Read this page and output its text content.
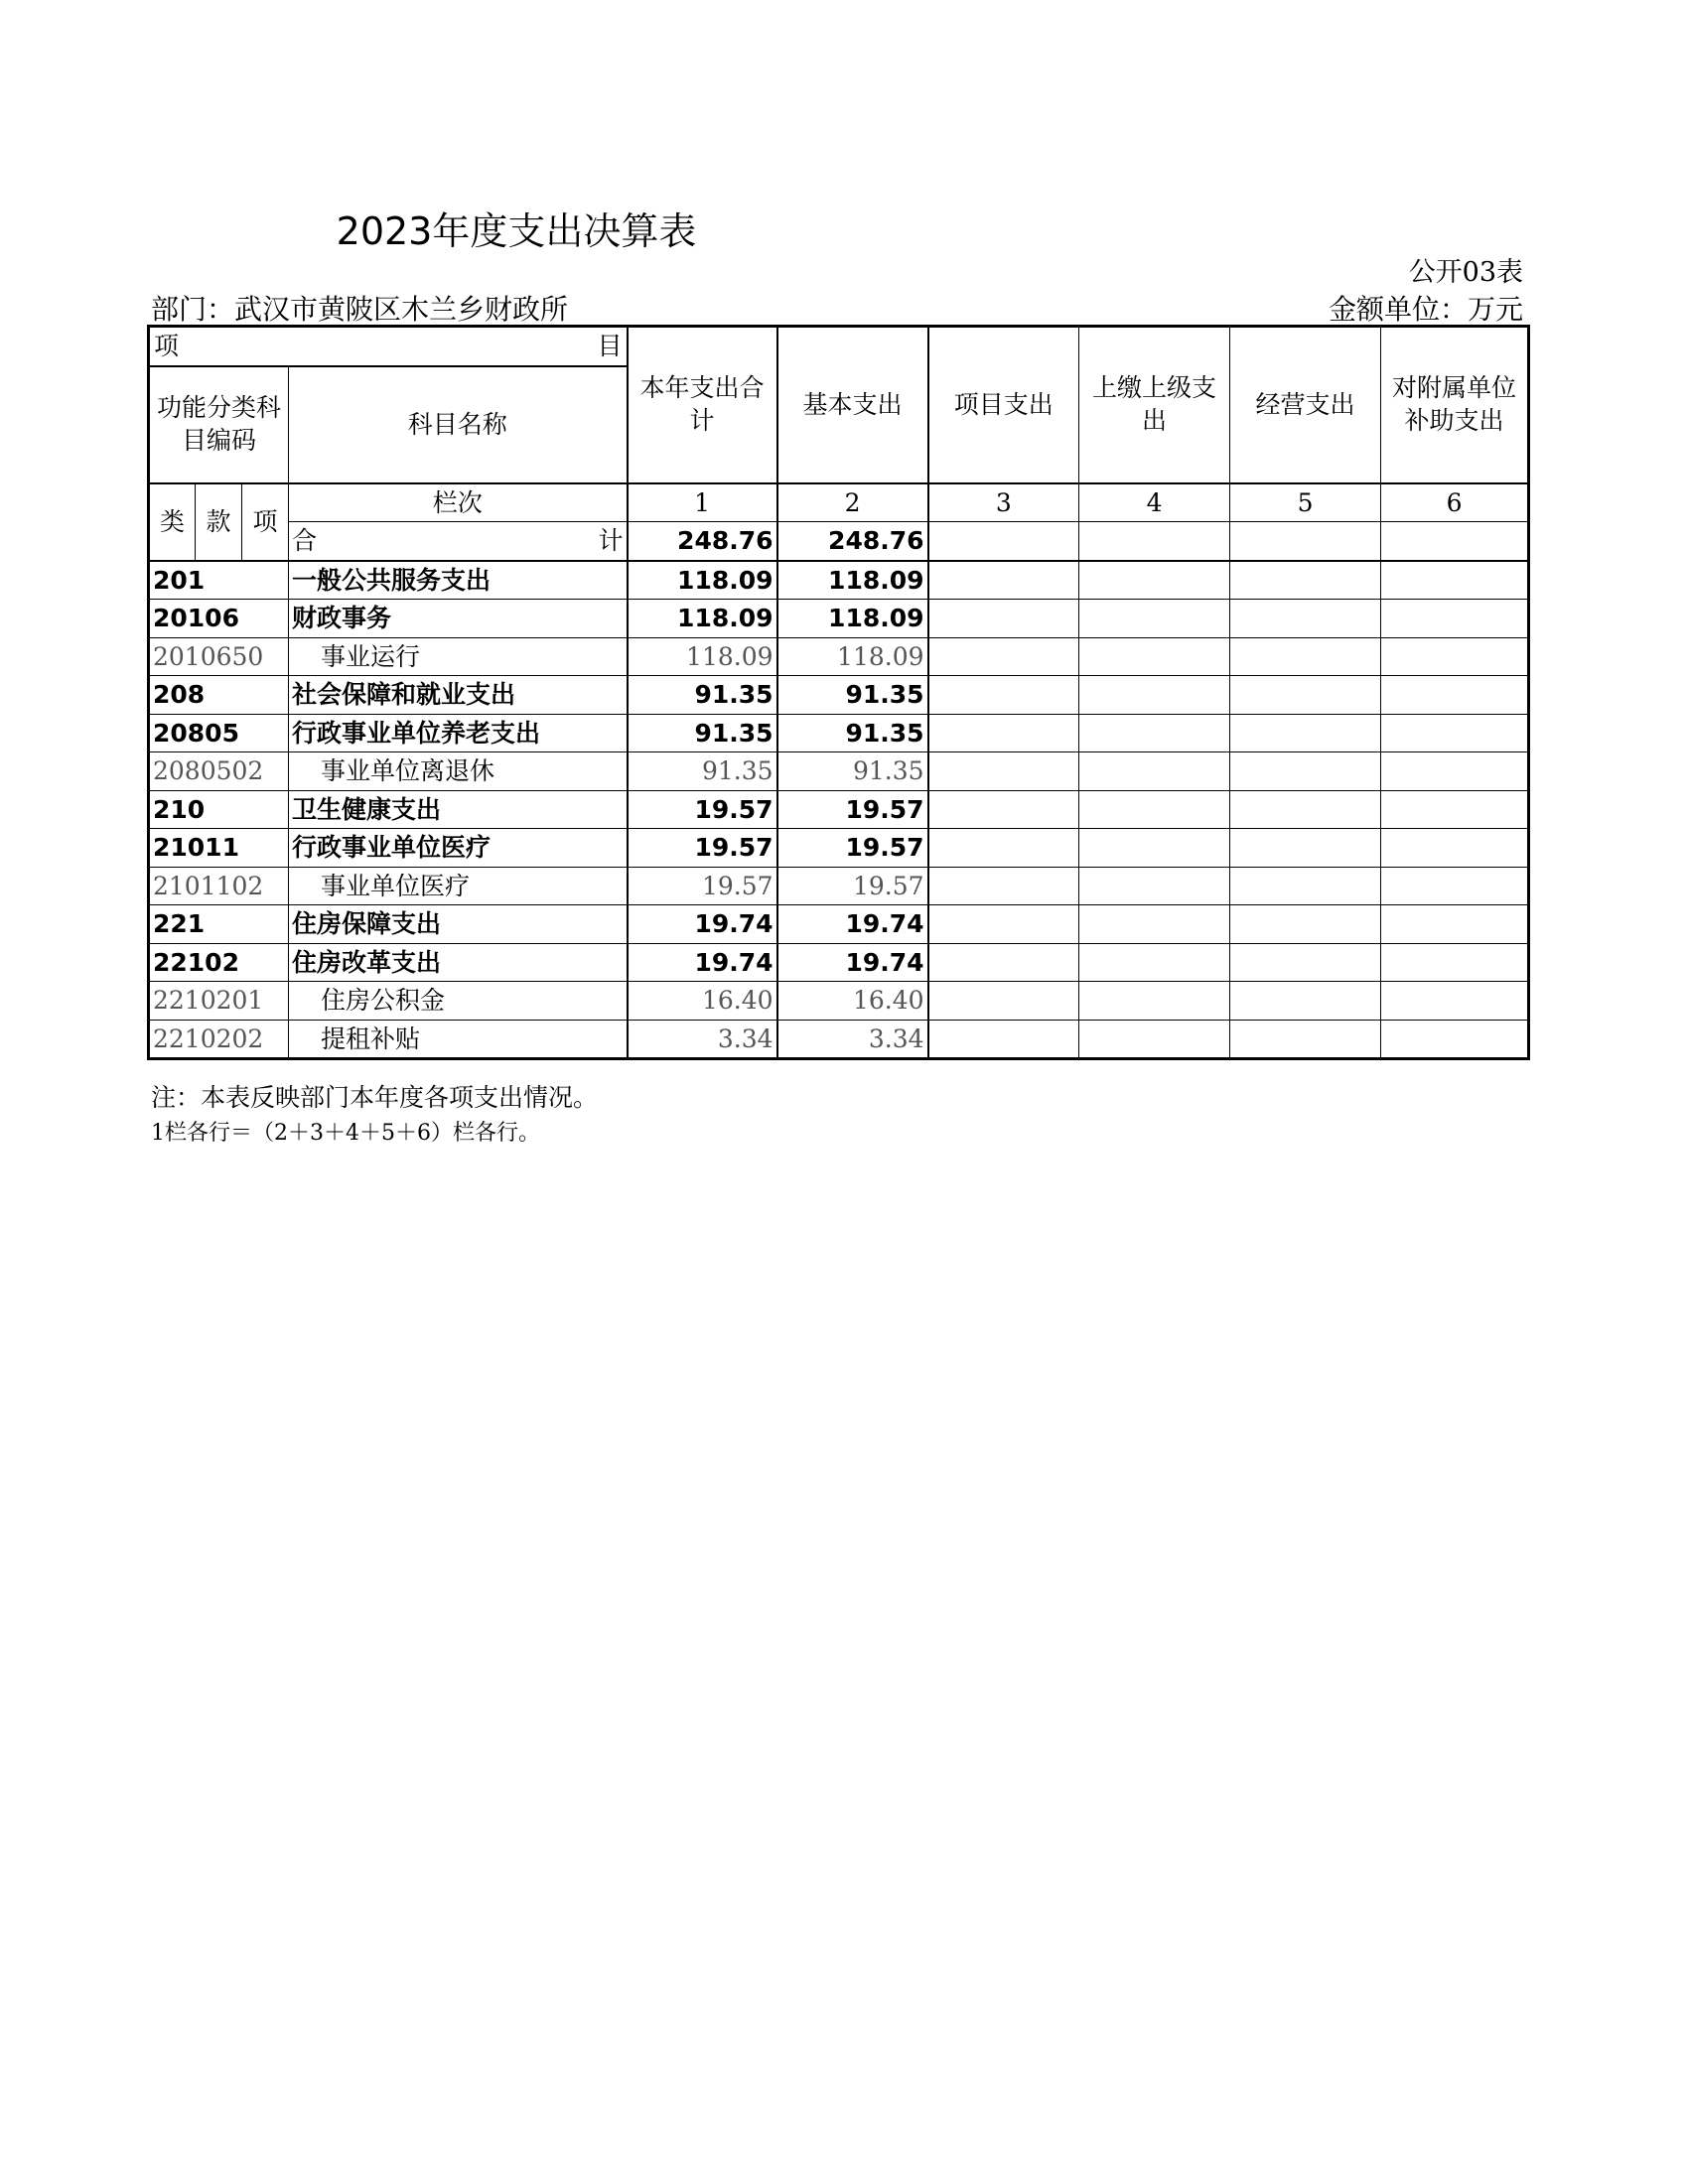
2023年度支出决算表
公开03表
部门：武汉市黄陂区木兰乡财政所	金额单位：万元
项 目				本年支出合计	基本支出	项目支出	上缴上级支出	经营支出	对附属单位补助支出
功能分类科目编码			科目名称						
类	款	项	栏次	1	2	3	4	5	6

			合 计	248.76	248.76				
201			一般公共服务支出	118.09	118.09				
20106			财政事务	118.09	118.09				
2010650			事业运行	118.09	118.09				
208			社会保障和就业支出	91.35	91.35				
20805			行政事业单位养老支出	91.35	91.35				
2080502			事业单位离退休	91.35	91.35				
210			卫生健康支出	19.57	19.57				
21011			行政事业单位医疗	19.57	19.57				
2101102			事业单位医疗	19.57	19.57				
221			住房保障支出	19.74	19.74				
22102			住房改革支出	19.74	19.74				
2210201			住房公积金	16.40	16.40				
2210202			提租补贴	3.34	3.34				
注：本表反映部门本年度各项支出情况。
1栏各行＝（2＋3＋4＋5＋6）栏各行。
